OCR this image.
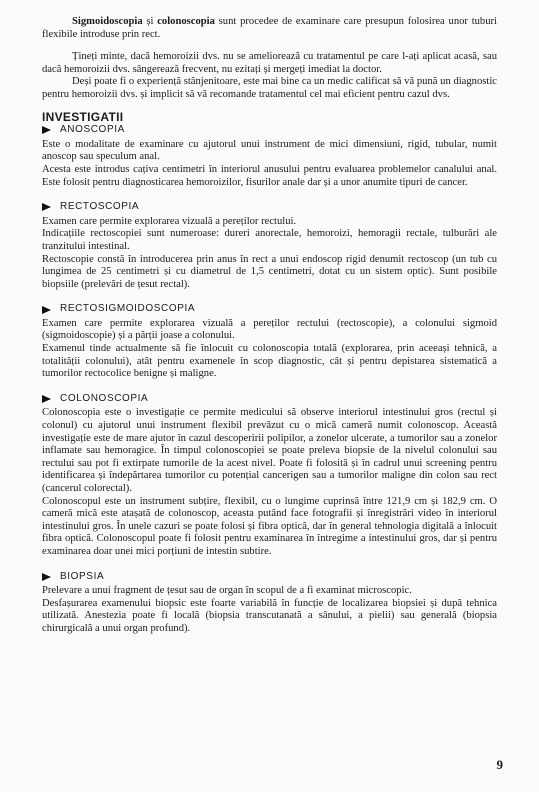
Sigmoidoscopia și colonoscopia sunt procedee de examinare care presupun folosirea unor tuburi flexibile introduse prin rect.

Țineți minte, dacă hemoroizii dvs. nu se ameliorează cu tratamentul pe care l-ați aplicat acasă, sau dacă hemoroizii dvs. sângerează frecvent, nu ezitați și mergeți imediat la doctor.

Deși poate fi o experiență stânjenitoare, este mai bine ca un medic calificat să vă pună un diagnostic pentru hemoroizii dvs. și implicit să vă recomande tratamentul cel mai eficient pentru cazul dvs.

INVESTIGATII
ANOSCOPIA

Este o modalitate de examinare cu ajutorul unui instrument de mici dimensiuni, rigid, tubular, numit anoscop sau speculum anal.

Acesta este introdus cațiva centimetri în interiorul anusului pentru evaluarea problemelor canalului anal. Este folosit pentru diagnosticarea hemoroizilor, fisurilor anale dar și a unor anumite tipuri de cancer.

RECTOSCOPIA

Examen care permite explorarea vizuală a pereților rectului.

Indicațiile rectoscopiei sunt numeroase: dureri anorectale, hemoroizi, hemoragii rectale, tulburări ale tranzitului intestinal.

Rectoscopie constă în introducerea prin anus în rect a unui endoscop rigid denumit rectoscop (un tub cu lungimea de 25 centimetri și cu diametrul de 1,5 centimetri, dotat cu un sistem optic). Sunt posibile biopsiile (prelevări de țesut rectal).

RECTOSIGMOIDOSCOPIA

Examen care permite explorarea vizuală a pereților rectului (rectoscopie), a colonului sigmoid (sigmoidoscopie) și a părții joase a colonului.

Examenul tinde actualmente să fie înlocuit cu colonoscopia totală (explorarea, prin aceeași tehnică, a totalității colonului), atât pentru examenele în scop diagnostic, cât și pentru depistarea sistematică a tumorilor rectocolice benigne și maligne.

COLONOSCOPIA

Colonoscopia este o investigație ce permite medicului să observe interiorul intestinului gros (rectul și colonul) cu ajutorul unui instrument flexibil prevăzut cu o mică cameră numit colonoscop. Această investigație este de mare ajutor în cazul descoperirii polipilor, a zonelor ulcerate, a tumorilor sau a zonelor inflamate sau hemoragice. În timpul colonoscopiei se poate preleva biopsie de la nivelul colonului sau rectului sau pot fi extirpate tumorile de la acest nivel. Poate fi folosită și în cadrul unui screening pentru identificarea și îndepărtarea tumorilor cu potențial cancerigen sau a tumorilor maligne din colon sau rect (cancerul colorectal).

Colonoscopul este un instrument subțire, flexibil, cu o lungime cuprinsă între 121,9 cm și 182,9 cm. O cameră mică este atașată de colonoscop, aceasta putând face fotografii și înregistrări video în interiorul intestinului gros. În unele cazuri se poate folosi și fibra optică, dar în general tehnologia digitală a înlocuit fibra optică. Colonoscopul poate fi folosit pentru examinarea în întregime a intestinului gros, dar și pentru examinarea doar unei mici porțiuni de intestin subtire.

BIOPSIA

Prelevare a unui fragment de țesut sau de organ în scopul de a fi examinat microscopic.

Desfașurarea examenului biopsic este foarte variabilă în funcție de localizarea biopsiei și după tehnica utilizată. Anestezia poate fi locală (biopsia transcutanată a sânului, a pielii) sau generală (biopsia chirurgicală a unui organ profund).

9
